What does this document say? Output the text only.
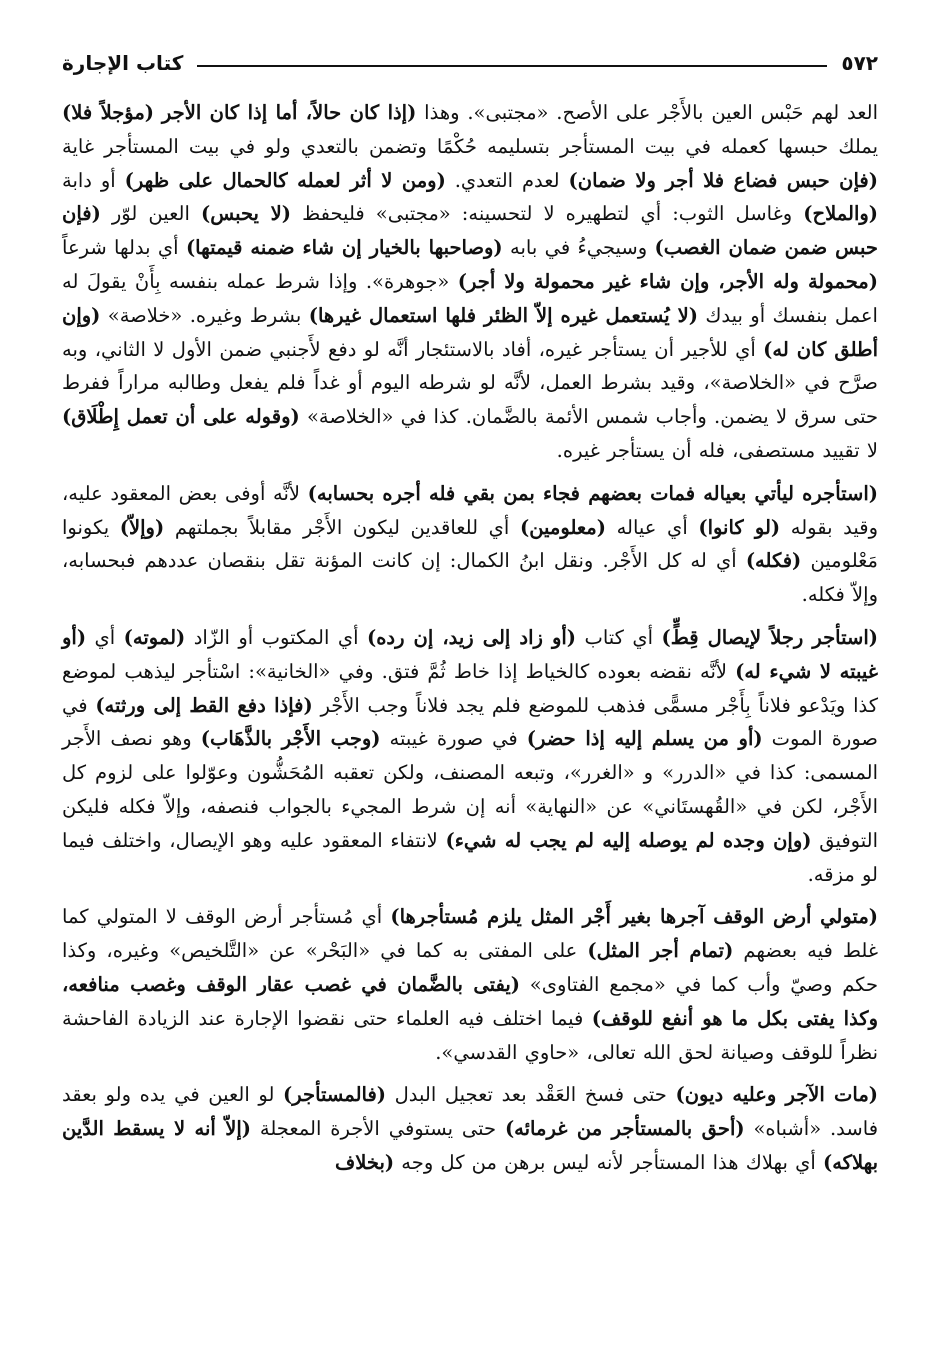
٥٧٢
كتاب الإجارة

العد لهم حَبْس العين بالأَجْر على الأصح. «مجتبى». وهذا (إذا كان حالاً، أما إذا كان الأجر (مؤجلاً فلا) يملك حبسها كعمله في بيت المستأجر بتسليمه حُكْمًا وتضمن بالتعدي ولو في بيت المستأجر غاية (فإن حبس فضاع فلا أجر ولا ضمان) لعدم التعدي. (ومن لا أثر لعمله كالحمال على ظهر) أو دابة (والملاح) وغاسل الثوب: أي لتطهيره لا لتحسينه: «مجتبى» فليحفظ (لا يحبس) العين لوّر (فإن حبس ضمن ضمان الغصب) وسيجيءُ في بابه (وصاحبها بالخيار إن شاء ضمنه قيمتها) أي بدلها شرعاً (محمولة وله الأجر، وإن شاء غير محمولة ولا أجر) «جوهرة». وإذا شرط عمله بنفسه بِأَنْ يقولَ له اعمل بنفسك أو بيدك (لا يُستعمل غيره إلاّ الظئر فلها استعمال غيرها) بشرط وغيره. «خلاصة» (وإن أطلق كان له) أي للأجير أن يستأجر غيره، أفاد بالاستئجار أنَّه لو دفع لأَجنبي ضمن الأول لا الثاني، وبه صرَّح في «الخلاصة»، وقيد بشرط العمل، لأنَّه لو شرطه اليوم أو غداً فلم يفعل وطالبه مراراً ففرط حتى سرق لا يضمن. وأجاب شمس الأئمة بالضَّمان. كذا في «الخلاصة» (وقوله على أن تعمل إِطْلَاق) لا تقييد مستصفى، فله أن يستأجر غيره.

(استأجره ليأتي بعياله فمات بعضهم فجاء بمن بقي فله أجره بحسابه) لأنَّه أوفى بعض المعقود عليه، وقيد بقوله (لو كانوا) أي عياله (معلومين) أي للعاقدين ليكون الأَجْر مقابلاً بجملتهم (وإلاّ) يكونوا مَعْلومين (فكله) أي له كل الأَجْر. ونقل ابنُ الكمال: إن كانت المؤنة تقل بنقصان عددهم فبحسابه، وإلاّ فكله.

(استأجر رجلاً لإيصال قِطٍّ) أي كتاب (أو زاد إلى زيد، إن رده) أي المكتوب أو الزّاد (لموته) أي (أو غيبته لا شيء له) لأنَّه نقضه بعوده كالخياط إذا خاط ثُمَّ فتق. وفي «الخانية»: اسْتأجر ليذهب لموضع كذا ويَدْعو فلاناً بِأَجْر مسمًّى فذهب للموضع فلم يجد فلاناً وجب الأَجْر (فإذا دفع القط إلى ورثته) في صورة الموت (أو من يسلم إليه إذا حضر) في صورة غيبته (وجب الأَجْر بالذَّهَاب) وهو نصف الأَجر المسمى: كذا في «الدرر» و «الغرر»، وتبعه المصنف، ولكن تعقبه المُحَشُّون وعوّلوا على لزوم كل الأَجْر، لكن في «القُهستَاني» عن «النهاية» أنه إن شرط المجيء بالجواب فنصفه، وإلاّ فكله فليكن التوفيق (وإن وجده لم يوصله إليه لم يجب له شيء) لانتفاء المعقود عليه وهو الإيصال، واختلف فيما لو مزقه.

(متولي أرض الوقف آجرها بغير أَجْر المثل يلزم مُستأجرها) أي مُستأجر أرض الوقف لا المتولي كما غلط فيه بعضهم (تمام أجر المثل) على المفتى به كما في «البَحْر» عن «التَّلخيص» وغيره، وكذا حكم وصيّ وأب كما في «مجمع الفتاوى» (يفتى بالضَّمان في غصب عقار الوقف وغصب منافعه، وكذا يفتى بكل ما هو أنفع للوقف) فيما اختلف فيه العلماء حتى نقضوا الإجارة عند الزيادة الفاحشة نظراً للوقف وصيانة لحق الله تعالى، «حاوي القدسي».

(مات الآجر وعليه ديون) حتى فسخ العَقْد بعد تعجيل البدل (فالمستأجر) لو العين في يده ولو بعقد فاسد. «أشباه» (أحق بالمستأجر من غرمائه) حتى يستوفي الأجرة المعجلة (إلاّ أنه لا يسقط الدَّين بهلاكه) أي بهلاك هذا المستأجر لأنه ليس برهن من كل وجه (بخلاف
